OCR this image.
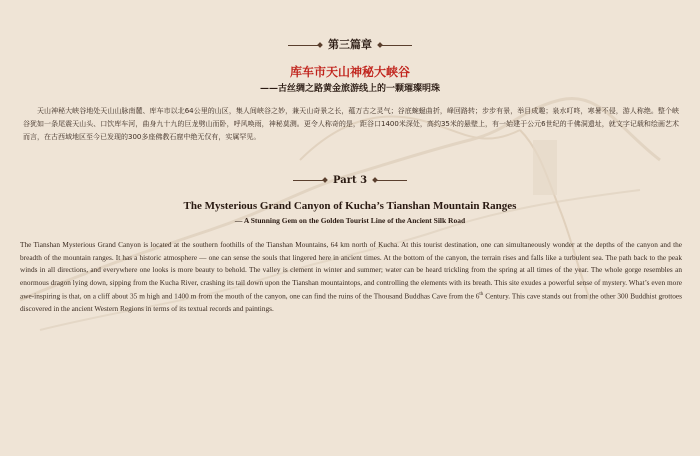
第三篇章
库车市天山神秘大峡谷
——古丝绸之路黄金旅游线上的一颗璀璨明珠
天山神秘大峡谷地处天山山脉南麓、库车市以北64公里的山区，集人间峡谷之妙，兼天山奇景之长，蕴万古之灵气；谷底蜿蜒曲折，峰回路转；步步有景，举目成趣；泉水叮咚，寒暑不侵，游人称绝。整个峡谷犹如一条尾震天山头、口饮库车河，曲身九十九的巨龙劈山而卧，呼风唤雨，神秘莫测。更令人称奇的是，距谷口1400米深处，高约35米的悬壁上，有一始建于公元6世纪的千佛洞遗址，就文字记载和绘画艺术而言，在古西域地区至今已发现的300多座佛教石窟中绝无仅有，实属罕见。
Part 3
The Mysterious Grand Canyon of Kucha’s Tianshan Mountain Ranges
— A Stunning Gem on the Golden Tourist Line of the Ancient Silk Road
The Tianshan Mysterious Grand Canyon is located at the southern foothills of the Tianshan Mountains, 64 km north of Kucha. At this tourist destination, one can simultaneously wonder at the depths of the canyon and the breadth of the mountain ranges. It has a historic atmosphere — one can sense the souls that lingered here in ancient times. At the bottom of the canyon, the terrain rises and falls like a turbulent sea. The path back to the peak winds in all directions, and everywhere one looks is more beauty to behold. The valley is clement in winter and summer; water can be heard trickling from the spring at all times of the year. The whole gorge resembles an enormous dragon lying down, sipping from the Kucha River, crashing its tail down upon the Tianshan mountaintops, and controlling the elements with its breath. This site exudes a powerful sense of mystery. What’s even more awe-inspiring is that, on a cliff about 35 m high and 1400 m from the mouth of the canyon, one can find the ruins of the Thousand Buddhas Cave from the 6th Century. This cave stands out from the other 300 Buddhist grottoes discovered in the ancient Western Regions in terms of its textual records and paintings.
